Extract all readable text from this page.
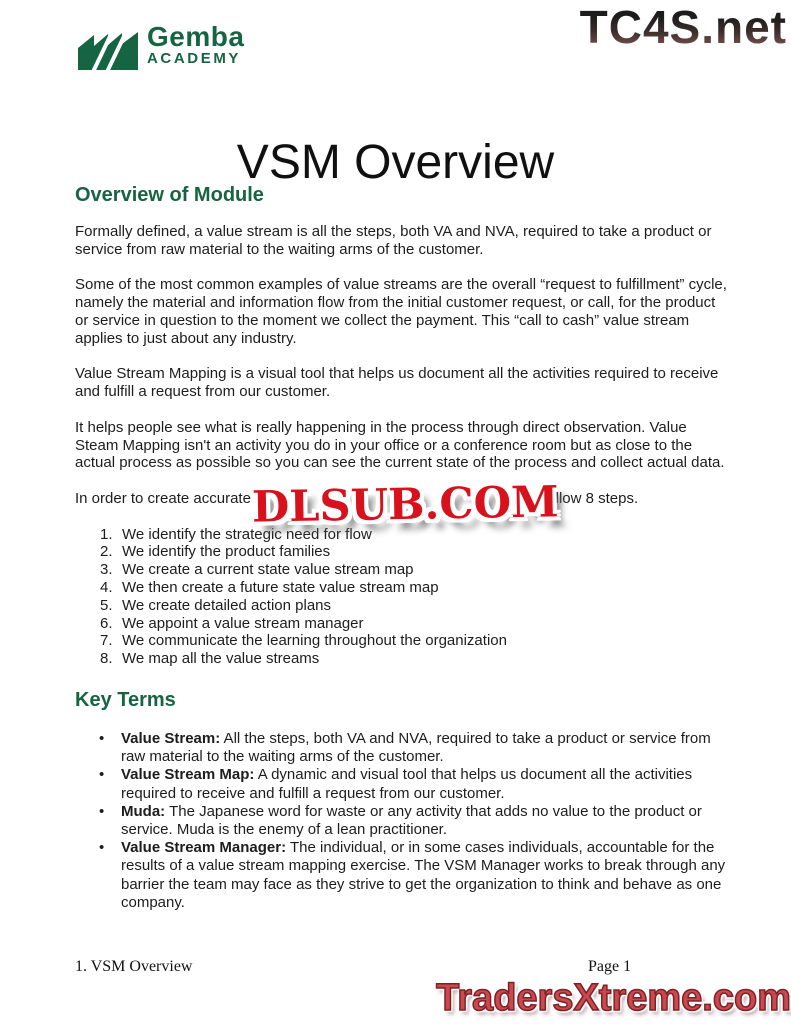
Gemba
ACADEMY
TC4S.net
VSM Overview
Overview of Module

Formally defined, a value stream is all the steps, both VA and NVA, required to take a product or service from raw material to the waiting arms of the customer.

Some of the most common examples of value streams are the overall “request to fulfillment” cycle, namely the material and information flow from the initial customer request, or call, for the product or service in question to the moment we collect the payment. This “call to cash” value stream applies to just about any industry.

Value Stream Mapping is a visual tool that helps us document all the activities required to receive and fulfill a request from our customer.

It helps people see what is really happening in the process through direct observation. Value Steam Mapping isn't an activity you do in your office or a conference room but as close to the actual process as possible so you can see the current state of the process and collect actual data.

In order to create accurate a	y follow 8 steps.

1. We identify the strategic need for flow
2. We identify the product families
3. We create a current state value stream map
4. We then create a future state value stream map
5. We create detailed action plans
6. We appoint a value stream manager
7. We communicate the learning throughout the organization
8. We map all the value streams
Key Terms
• Value Stream: All the steps, both VA and NVA, required to take a product or service from raw material to the waiting arms of the customer.
• Value Stream Map: A dynamic and visual tool that helps us document all the activities required to receive and fulfill a request from our customer.
• Muda: The Japanese word for waste or any activity that adds no value to the product or service. Muda is the enemy of a lean practitioner.
• Value Stream Manager: The individual, or in some cases individuals, accountable for the results of a value stream mapping exercise. The VSM Manager works to break through any barrier the team may face as they strive to get the organization to think and behave as one company.
DLSUB.COM
1. VSM Overview	Page 1
TradersXtreme.com
